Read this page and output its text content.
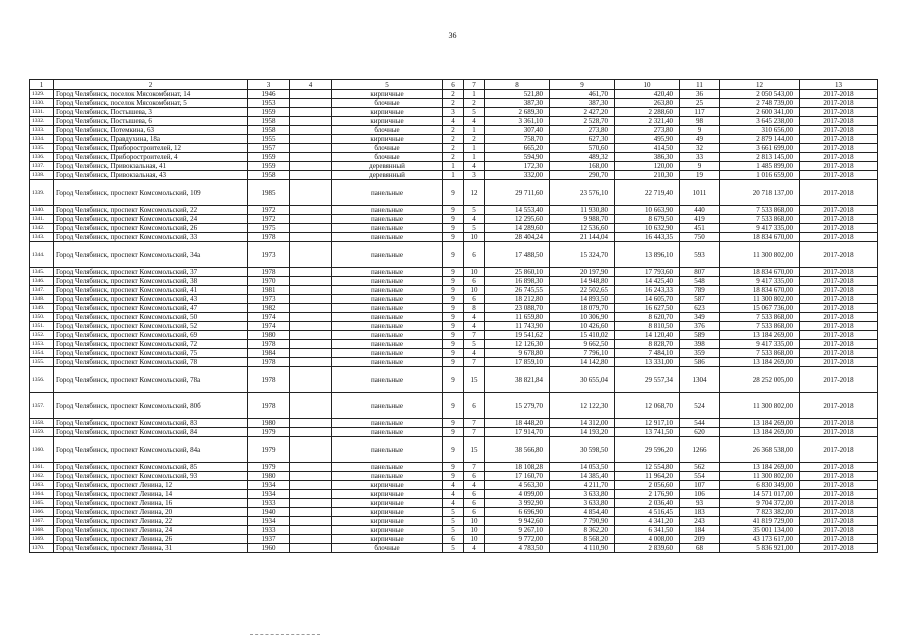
36
1	2	3	4	5	6	7	8	9	10	11	12	13
1329.	Город Челябинск, поселок Мясокомбинат, 14	1946		кирпичные	2	1	521,80	461,70	420,40	36	2 050 543,00	2017-2018
1330.	Город Челябинск, поселок Мясокомбинат, 5	1953		блочные	2	2	387,30	387,30	263,80	25	2 748 739,00	2017-2018
1331.	Город Челябинск, Постышева, 3	1959		кирпичные	3	5	2 689,30	2 427,20	2 288,60	117	2 600 341,00	2017-2018
1332.	Город Челябинск, Постышева, 6	1958		кирпичные	4	4	3 361,10	2 528,70	2 321,40	98	3 645 238,00	2017-2018
1333.	Город Челябинск, Потемкина, 63	1958		блочные	2	1	307,40	273,80	273,80	9	310 656,00	2017-2018
1334.	Город Челябинск, Правдухина, 18а	1955		кирпичные	2	2	758,70	627,30	495,90	49	2 879 144,00	2017-2018
1335.	Город Челябинск, Приборостроителей, 12	1957		блочные	2	1	665,20	570,60	414,50	32	3 661 699,00	2017-2018
1336.	Город Челябинск, Приборостроителей, 4	1959		блочные	2	1	594,90	489,32	386,30	33	2 813 145,00	2017-2018
1337.	Город Челябинск, Привокзальная, 41	1959		деревянный	1	4	172,30	168,00	120,00	9	1 485 899,00	2017-2018
1338.	Город Челябинск, Привокзальная, 43	1958		деревянный	1	3	332,00	290,70	210,30	19	1 016 659,00	2017-2018
1339.	Город Челябинск, проспект Комсомольский, 109	1985		панельные	9	12	29 711,60	23 576,10	22 719,40	1011	20 718 137,00	2017-2018
1340.	Город Челябинск, проспект Комсомольский, 22	1972		панельные	9	5	14 553,40	11 930,80	10 663,90	440	7 533 868,00	2017-2018
1341.	Город Челябинск, проспект Комсомольский, 24	1972		панельные	9	4	12 295,60	9 988,70	8 679,50	419	7 533 868,00	2017-2018
1342.	Город Челябинск, проспект Комсомольский, 26	1975		панельные	9	5	14 289,60	12 536,60	10 632,90	451	9 417 335,00	2017-2018
1343.	Город Челябинск, проспект Комсомольский, 33	1978		панельные	9	10	28 404,24	21 144,04	16 443,35	750	18 834 670,00	2017-2018
1344.	Город Челябинск, проспект Комсомольский, 34а	1973		панельные	9	6	17 488,50	15 324,70	13 896,10	593	11 300 802,00	2017-2018
1345.	Город Челябинск, проспект Комсомольский, 37	1978		панельные	9	10	25 860,10	20 197,90	17 793,60	807	18 834 670,00	2017-2018
1346.	Город Челябинск, проспект Комсомольский, 38	1970		панельные	9	6	16 898,30	14 948,80	14 425,40	548	9 417 335,00	2017-2018
1347.	Город Челябинск, проспект Комсомольский, 41	1981		панельные	9	10	26 745,55	22 502,65	16 243,33	789	18 834 670,00	2017-2018
1348.	Город Челябинск, проспект Комсомольский, 43	1973		панельные	9	6	18 212,80	14 893,50	14 605,70	587	11 300 802,00	2017-2018
1349.	Город Челябинск, проспект Комсомольский, 47	1982		панельные	9	8	23 088,70	18 079,70	16 627,50	623	15 067 736,00	2017-2018
1350.	Город Челябинск, проспект Комсомольский, 50	1974		панельные	9	4	11 659,80	10 306,90	8 620,70	349	7 533 868,00	2017-2018
1351.	Город Челябинск, проспект Комсомольский, 52	1974		панельные	9	4	11 743,90	10 426,60	8 810,50	376	7 533 868,00	2017-2018
1352.	Город Челябинск, проспект Комсомольский, 69	1980		панельные	9	7	19 541,62	15 410,02	14 120,40	589	13 184 269,00	2017-2018
1353.	Город Челябинск, проспект Комсомольский, 72	1978		панельные	9	5	12 126,30	9 662,50	8 828,70	398	9 417 335,00	2017-2018
1354.	Город Челябинск, проспект Комсомольский, 75	1984		панельные	9	4	9 678,80	7 796,10	7 484,10	359	7 533 868,00	2017-2018
1355.	Город Челябинск, проспект Комсомольский, 78	1978		панельные	9	7	17 859,10	14 142,80	13 331,00	586	13 184 269,00	2017-2018
1356.	Город Челябинск, проспект Комсомольский, 78а	1978		панельные	9	15	38 821,84	30 655,04	29 557,34	1304	28 252 005,00	2017-2018
1357.	Город Челябинск, проспект Комсомольский, 80б	1978		панельные	9	6	15 279,70	12 122,30	12 068,70	524	11 300 802,00	2017-2018
1358.	Город Челябинск, проспект Комсомольский, 83	1980		панельные	9	7	18 448,20	14 312,00	12 917,10	544	13 184 269,00	2017-2018
1359.	Город Челябинск, проспект Комсомольский, 84	1979		панельные	9	7	17 914,70	14 193,20	13 741,50	620	13 184 269,00	2017-2018
1360.	Город Челябинск, проспект Комсомольский, 84а	1979		панельные	9	15	38 566,80	30 598,50	29 596,20	1266	26 368 538,00	2017-2018
1361.	Город Челябинск, проспект Комсомольский, 85	1979		панельные	9	7	18 108,28	14 053,50	12 554,80	562	13 184 269,00	2017-2018
1362.	Город Челябинск, проспект Комсомольский, 93	1980		панельные	9	6	17 160,70	14 385,40	11 964,20	554	11 300 802,00	2017-2018
1363.	Город Челябинск, проспект Ленина, 12	1934		кирпичные	4	4	4 563,30	4 211,70	2 056,60	107	6 830 349,00	2017-2018
1364.	Город Челябинск, проспект Ленина, 14	1934		кирпичные	4	6	4 099,00	3 633,80	2 176,90	106	14 571 017,00	2017-2018
1365.	Город Челябинск, проспект Ленина, 16	1933		кирпичные	4	6	3 992,90	3 633,80	2 036,40	93	9 704 372,00	2017-2018
1366.	Город Челябинск, проспект Ленина, 20	1940		кирпичные	5	6	6 696,90	4 854,40	4 516,45	183	7 823 382,00	2017-2018
1367.	Город Челябинск, проспект Ленина, 22	1934		кирпичные	5	10	9 942,60	7 790,90	4 341,20	243	41 819 729,00	2017-2018
1368.	Город Челябинск, проспект Ленина, 24	1933		кирпичные	5	10	9 267,10	8 362,20	6 341,50	184	35 001 134,00	2017-2018
1369.	Город Челябинск, проспект Ленина, 26	1937		кирпичные	6	10	9 772,00	8 568,20	4 008,00	209	43 173 617,00	2017-2018
1370.	Город Челябинск, проспект Ленина, 31	1960		блочные	5	4	4 783,50	4 110,90	2 839,60	68	5 836 921,00	2017-2018
